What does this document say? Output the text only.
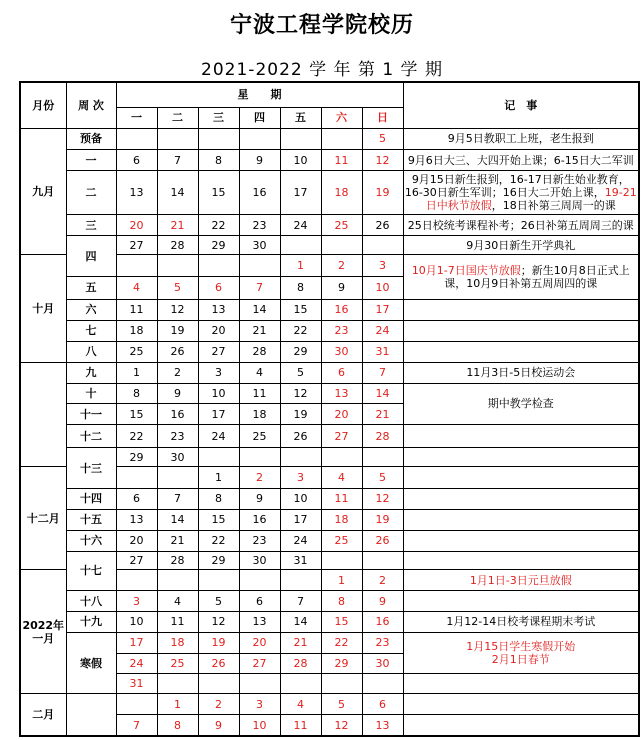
宁波工程学院校历
2021-2022 学 年 第 1 学 期
月份	周 次	星　　期							记　事
		一	二	三	四	五	六	日	
九月	预备							5	9月5日教职工上班，老生报到
	一	6	7	8	9	10	11	12	9月6日大三、大四开始上课；6-15日大二军训
	二	13	14	15	16	17	18	19	9月15日新生报到，16-17日新生始业教育，16-30日新生军训；16日大二开始上课，19-21日中秋节放假，18日补第三周周一的课
	三	20	21	22	23	24	25	26	25日校统考课程补考；26日补第五周周三的课
	四	27	28	29	30				9月30日新生开学典礼
十月						1	2	3	10月1-7日国庆节放假；新生10月8日正式上课，10月9日补第五周周四的课
	五	4	5	6	7	8	9	10	
	六	11	12	13	14	15	16	17	
	七	18	19	20	21	22	23	24	
	八	25	26	27	28	29	30	31	
	九	1	2	3	4	5	6	7	11月3日-5日校运动会
	十	8	9	10	11	12	13	14	期中教学检查
	十一	15	16	17	18	19	20	21	
	十二	22	23	24	25	26	27	28	
	十三	29	30						
十二月				1	2	3	4	5	
	十四	6	7	8	9	10	11	12	
	十五	13	14	15	16	17	18	19	
	十六	20	21	22	23	24	25	26	
	十七	27	28	29	30	31			

2022年
一月							1	2	1月1日-3日元旦放假
	十八	3	4	5	6	7	8	9	
	十九	10	11	12	13	14	15	16	1月12-14日校考课程期末考试
	寒假	17	18	19	20	21	22	23	1月15日学生寒假开始
2月1日春节

		24	25	26	27	28	29	30	
		31							
二月			1	2	3	4	5	6	
		7	8	9	10	11	12	13	
